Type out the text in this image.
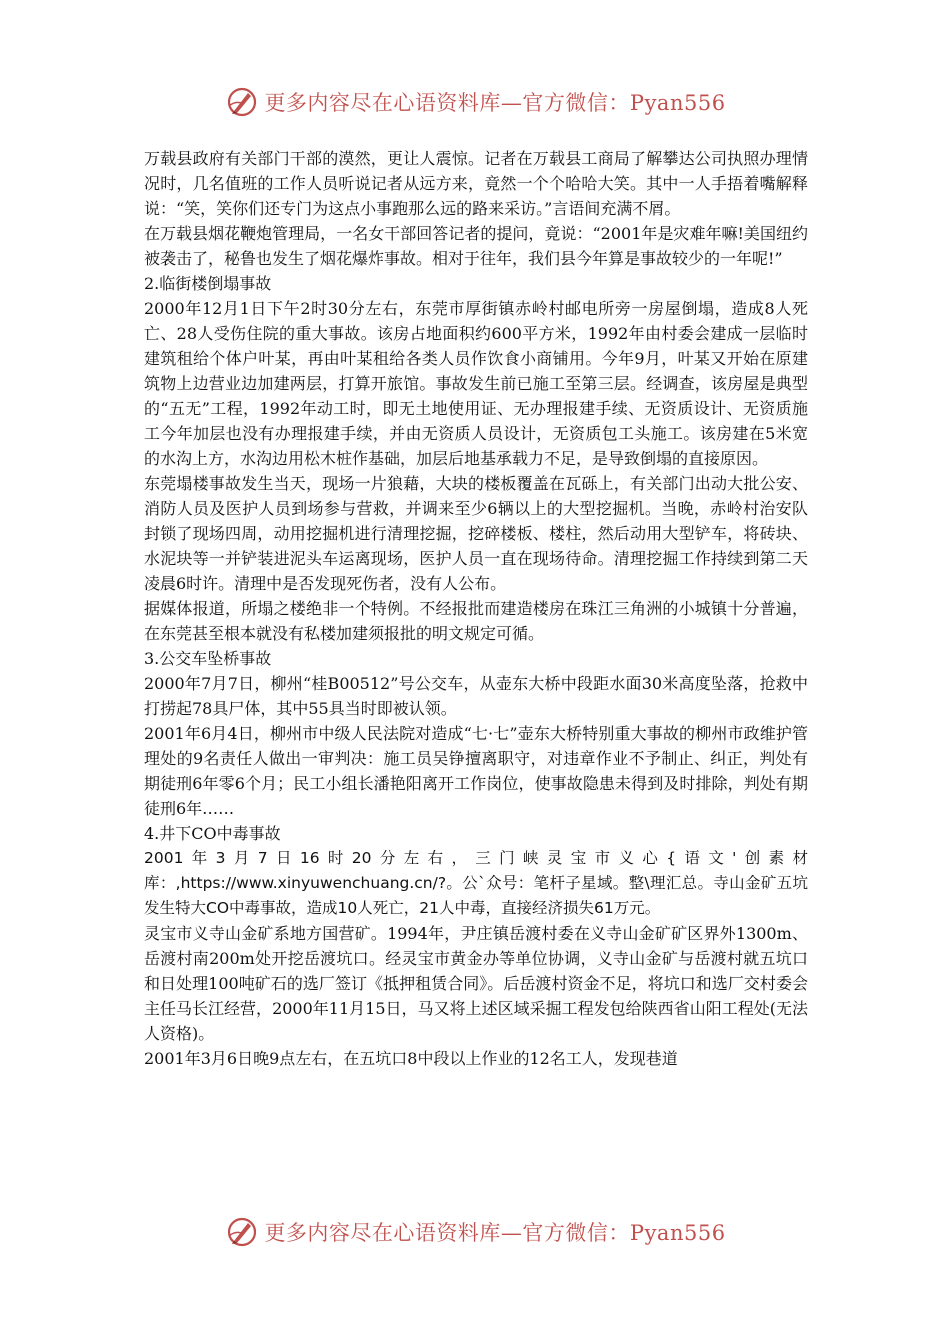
更多内容尽在心语资料库—官方微信：Pyan556

万载县政府有关部门干部的漠然，更让人震惊。记者在万载县工商局了解攀达公司执照办理情况时，几名值班的工作人员听说记者从远方来，竟然一个个哈哈大笑。其中一人手捂着嘴解释说：“笑，笑你们还专门为这点小事跑那么远的路来采访。”言语间充满不屑。

在万载县烟花鞭炮管理局，一名女干部回答记者的提问，竟说：“2001年是灾难年嘛!美国纽约被袭击了，秘鲁也发生了烟花爆炸事故。相对于往年，我们县今年算是事故较少的一年呢!”

2.临街楼倒塌事故

2000年12月1日下午2时30分左右，东莞市厚街镇赤岭村邮电所旁一房屋倒塌，造成8人死亡、28人受伤住院的重大事故。该房占地面积约600平方米，1992年由村委会建成一层临时建筑租给个体户叶某，再由叶某租给各类人员作饮食小商铺用。今年9月，叶某又开始在原建筑物上边营业边加建两层，打算开旅馆。事故发生前已施工至第三层。经调查，该房屋是典型的“五无”工程，1992年动工时，即无土地使用证、无办理报建手续、无资质设计、无资质施工今年加层也没有办理报建手续，并由无资质人员设计，无资质包工头施工。该房建在5米宽的水沟上方，水沟边用松木桩作基础，加层后地基承载力不足，是导致倒塌的直接原因。

东莞塌楼事故发生当天，现场一片狼藉，大块的楼板覆盖在瓦砾上，有关部门出动大批公安、消防人员及医护人员到场参与营救，并调来至少6辆以上的大型挖掘机。当晚，赤岭村治安队封锁了现场四周，动用挖掘机进行清理挖掘，挖碎楼板、楼柱，然后动用大型铲车，将砖块、水泥块等一并铲装进泥头车运离现场，医护人员一直在现场待命。清理挖掘工作持续到第二天凌晨6时许。清理中是否发现死伤者，没有人公布。

据媒体报道，所塌之楼绝非一个特例。不经报批而建造楼房在珠江三角洲的小城镇十分普遍，在东莞甚至根本就没有私楼加建须报批的明文规定可循。

3.公交车坠桥事故

2000年7月7日，柳州“桂B00512”号公交车，从壶东大桥中段距水面30米高度坠落，抢救中打捞起78具尸体，其中55具当时即被认领。

2001年6月4日，柳州市中级人民法院对造成“七·七”壶东大桥特别重大事故的柳州市政维护管理处的9名责任人做出一审判决：施工员吴铮擅离职守，对违章作业不予制止、纠正，判处有期徒刑6年零6个月；民工小组长潘艳阳离开工作岗位，使事故隐患未得到及时排除，判处有期徒刑6年……

4.井下CO中毒事故

2001年3月7日16时20分左右，三门峡灵宝市义心{语文'创素材库：,https://www.xinyuwenchuang.cn/?。公`众号：笔杆子星域。整\理汇总。寺山金矿五坑发生特大CO中毒事故，造成10人死亡，21人中毒，直接经济损失61万元。

灵宝市义寺山金矿系地方国营矿。1994年，尹庄镇岳渡村委在义寺山金矿矿区界外1300m、岳渡村南200m处开挖岳渡坑口。经灵宝市黄金办等单位协调，义寺山金矿与岳渡村就五坑口和日处理100吨矿石的选厂签订《抵押租赁合同》。后岳渡村资金不足，将坑口和选厂交村委会主任马长江经营，2000年11月15日，马又将上述区域采掘工程发包给陕西省山阳工程处(无法人资格)。

2001年3月6日晚9点左右，在五坑口8中段以上作业的12名工人，发现巷道

更多内容尽在心语资料库—官方微信：Pyan556
